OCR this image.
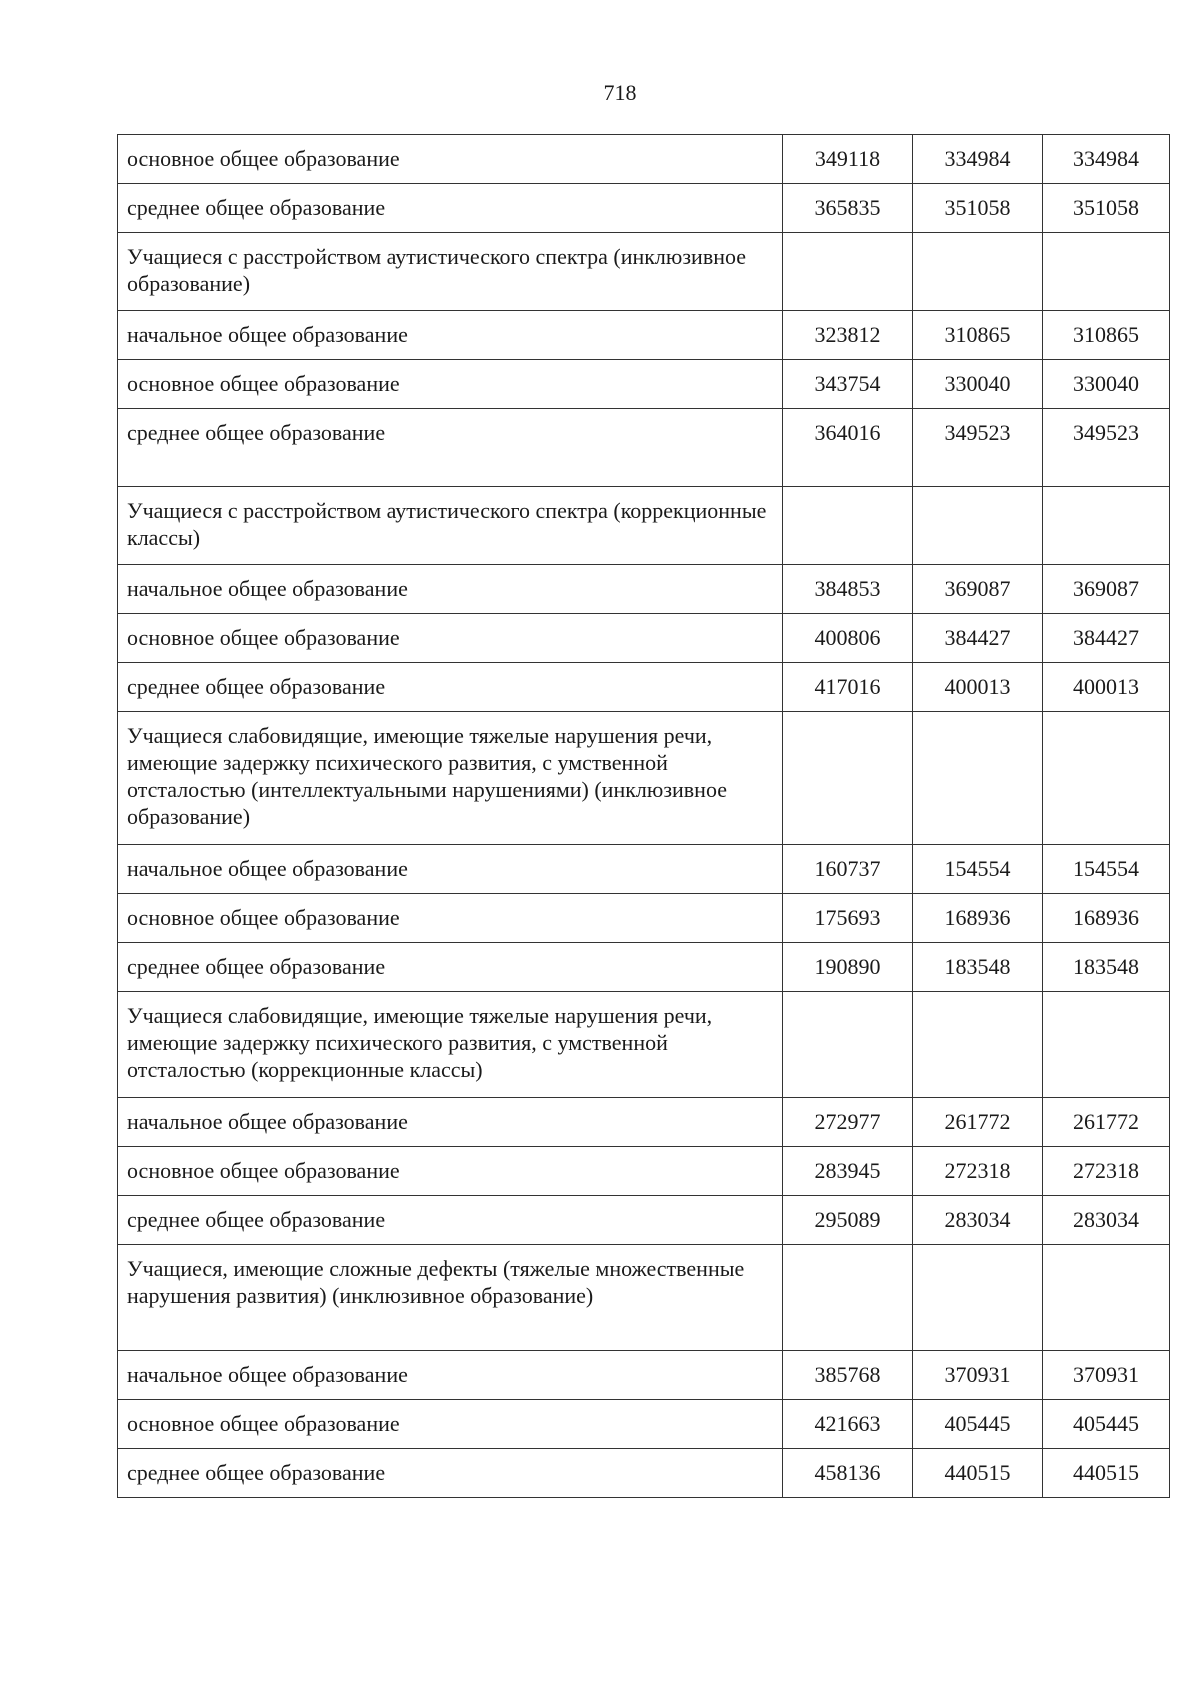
718
основное общее образование	349118	334984	334984
среднее общее образование	365835	351058	351058
Учащиеся с расстройством аутистического спектра (инклюзивное образование)			
начальное общее образование	323812	310865	310865
основное общее образование	343754	330040	330040
среднее общее образование	364016	349523	349523
Учащиеся с расстройством аутистического спектра (коррекционные классы)			
начальное общее образование	384853	369087	369087
основное общее образование	400806	384427	384427
среднее общее образование	417016	400013	400013
Учащиеся слабовидящие, имеющие тяжелые нарушения речи, имеющие задержку психического развития, с умственной отсталостью (интеллектуальными нарушениями) (инклюзивное образование)			
начальное общее образование	160737	154554	154554
основное общее образование	175693	168936	168936
среднее общее образование	190890	183548	183548
Учащиеся слабовидящие, имеющие тяжелые нарушения речи, имеющие задержку психического развития, с умственной отсталостью (коррекционные классы)			
начальное общее образование	272977	261772	261772
основное общее образование	283945	272318	272318
среднее общее образование	295089	283034	283034
Учащиеся, имеющие сложные дефекты (тяжелые множественные нарушения развития) (инклюзивное образование)			
начальное общее образование	385768	370931	370931
основное общее образование	421663	405445	405445
среднее общее образование	458136	440515	440515
